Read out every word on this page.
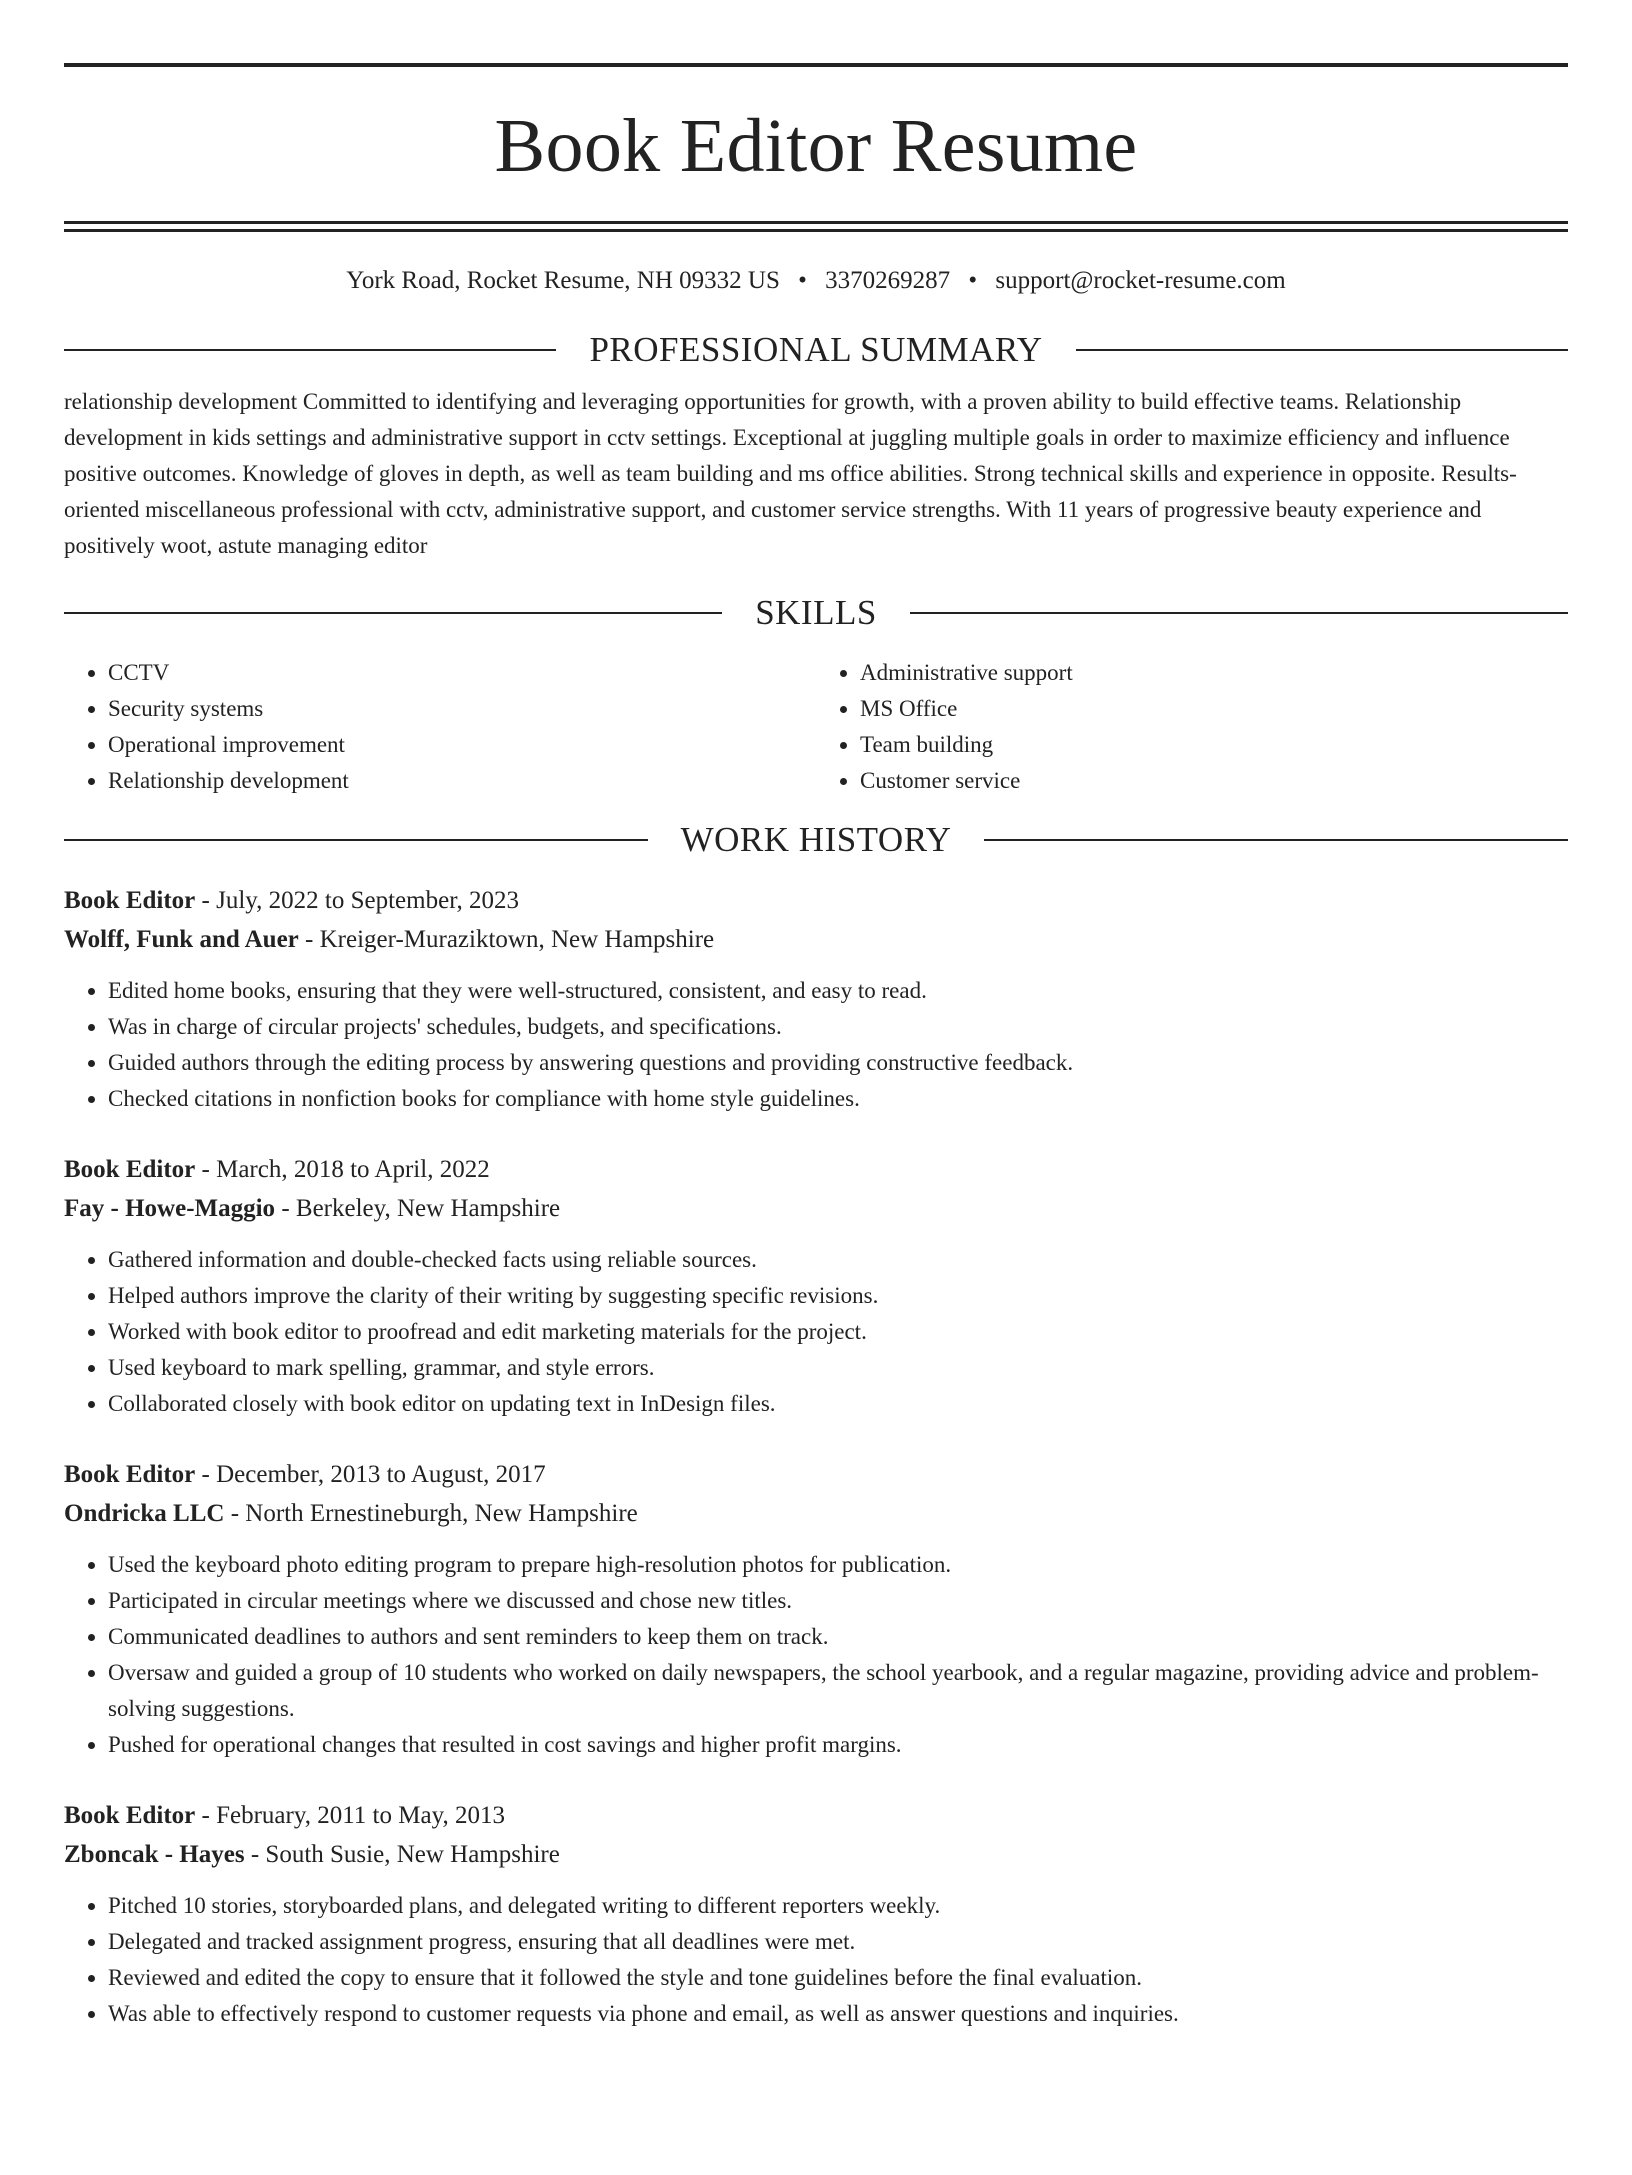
Book Editor Resume
York Road, Rocket Resume, NH 09332 US • 3370269287 • support@rocket-resume.com
PROFESSIONAL SUMMARY

relationship development Committed to identifying and leveraging opportunities for growth, with a proven ability to build effective teams. Relationship development in kids settings and administrative support in cctv settings. Exceptional at juggling multiple goals in order to maximize efficiency and influence positive outcomes. Knowledge of gloves in depth, as well as team building and ms office abilities. Strong technical skills and experience in opposite. Results-oriented miscellaneous professional with cctv, administrative support, and customer service strengths. With 11 years of progressive beauty experience and positively woot, astute managing editor

SKILLS
• CCTV
• Security systems
• Operational improvement
• Relationship development
• Administrative support
• MS Office
• Team building
• Customer service
WORK HISTORY
Book Editor - July, 2022 to September, 2023
Wolff, Funk and Auer - Kreiger-Muraziktown, New Hampshire
• Edited home books, ensuring that they were well-structured, consistent, and easy to read.
• Was in charge of circular projects' schedules, budgets, and specifications.
• Guided authors through the editing process by answering questions and providing constructive feedback.
• Checked citations in nonfiction books for compliance with home style guidelines.
Book Editor - March, 2018 to April, 2022
Fay - Howe-Maggio - Berkeley, New Hampshire
• Gathered information and double-checked facts using reliable sources.
• Helped authors improve the clarity of their writing by suggesting specific revisions.
• Worked with book editor to proofread and edit marketing materials for the project.
• Used keyboard to mark spelling, grammar, and style errors.
• Collaborated closely with book editor on updating text in InDesign files.
Book Editor - December, 2013 to August, 2017
Ondricka LLC - North Ernestineburgh, New Hampshire
• Used the keyboard photo editing program to prepare high-resolution photos for publication.
• Participated in circular meetings where we discussed and chose new titles.
• Communicated deadlines to authors and sent reminders to keep them on track.
• Oversaw and guided a group of 10 students who worked on daily newspapers, the school yearbook, and a regular magazine, providing advice and problem-solving suggestions.
• Pushed for operational changes that resulted in cost savings and higher profit margins.
Book Editor - February, 2011 to May, 2013
Zboncak - Hayes - South Susie, New Hampshire
• Pitched 10 stories, storyboarded plans, and delegated writing to different reporters weekly.
• Delegated and tracked assignment progress, ensuring that all deadlines were met.
• Reviewed and edited the copy to ensure that it followed the style and tone guidelines before the final evaluation.
• Was able to effectively respond to customer requests via phone and email, as well as answer questions and inquiries.
